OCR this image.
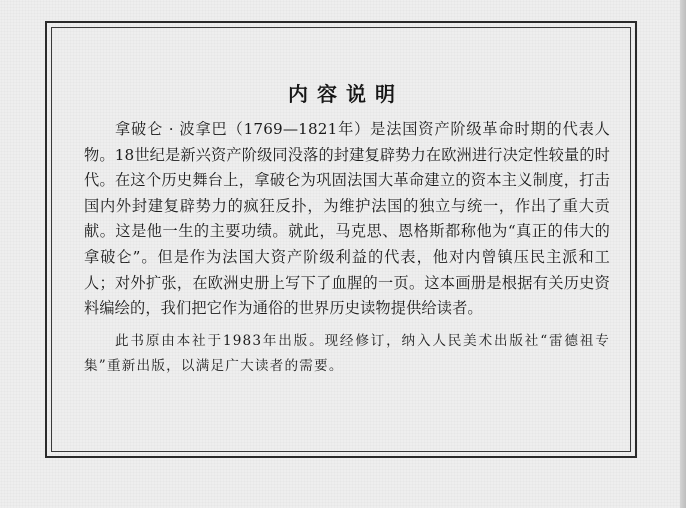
内容说明

拿破仑 · 波拿巴（1769—1821年）是法国资产阶级革命时期的代表人物。18世纪是新兴资产阶级同没落的封建复辟势力在欧洲进行决定性较量的时代。在这个历史舞台上，拿破仑为巩固法国大革命建立的资本主义制度，打击国内外封建复辟势力的疯狂反扑，为维护法国的独立与统一，作出了重大贡献。这是他一生的主要功绩。就此，马克思、恩格斯都称他为“真正的伟大的拿破仑”。但是作为法国大资产阶级利益的代表，他对内曾镇压民主派和工人；对外扩张，在欧洲史册上写下了血腥的一页。这本画册是根据有关历史资料编绘的，我们把它作为通俗的世界历史读物提供给读者。

此书原由本社于1983年出版。现经修订，纳入人民美术出版社“雷德祖专集”重新出版，以满足广大读者的需要。
